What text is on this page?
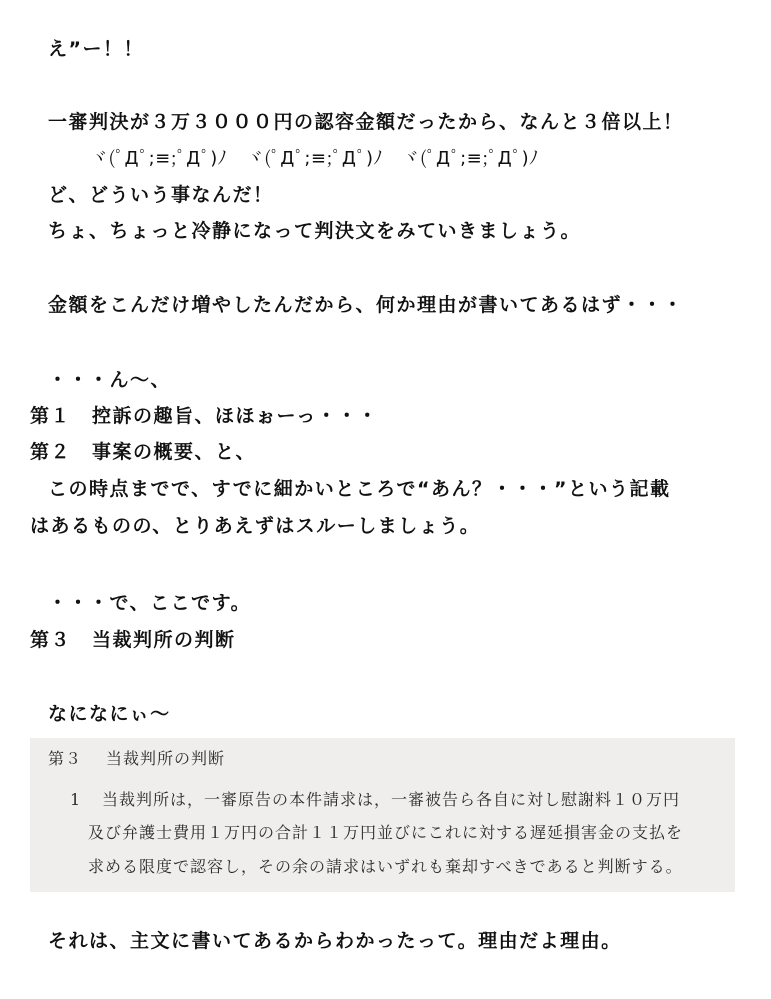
え”ー！！
一審判決が３万３０００円の認容金額だったから、なんと３倍以上！
ヾ(ﾟДﾟ;≡;ﾟДﾟ)ﾉ　ヾ(ﾟДﾟ;≡;ﾟДﾟ)ﾉ　ヾ(ﾟДﾟ;≡;ﾟДﾟ)ﾉ
ど、どういう事なんだ！
ちょ、ちょっと冷静になって判決文をみていきましょう。
金額をこんだけ増やしたんだから、何か理由が書いてあるはず・・・
・・・ん～、
第１ 控訴の趣旨、ほほぉーっ・・・
第２ 事案の概要、と、
この時点までで、すでに細かいところで“あん？・・・”という記載
はあるものの、とりあえずはスルーしましょう。
・・・で、ここです。
第３ 当裁判所の判断
なになにぃ～
第３ 当裁判所の判断
1 当裁判所は，一審原告の本件請求は，一審被告ら各自に対し慰謝料１０万円
及び弁護士費用１万円の合計１１万円並びにこれに対する遅延損害金の支払を
求める限度で認容し，その余の請求はいずれも棄却すべきであると判断する。
それは、主文に書いてあるからわかったって。理由だよ理由。
